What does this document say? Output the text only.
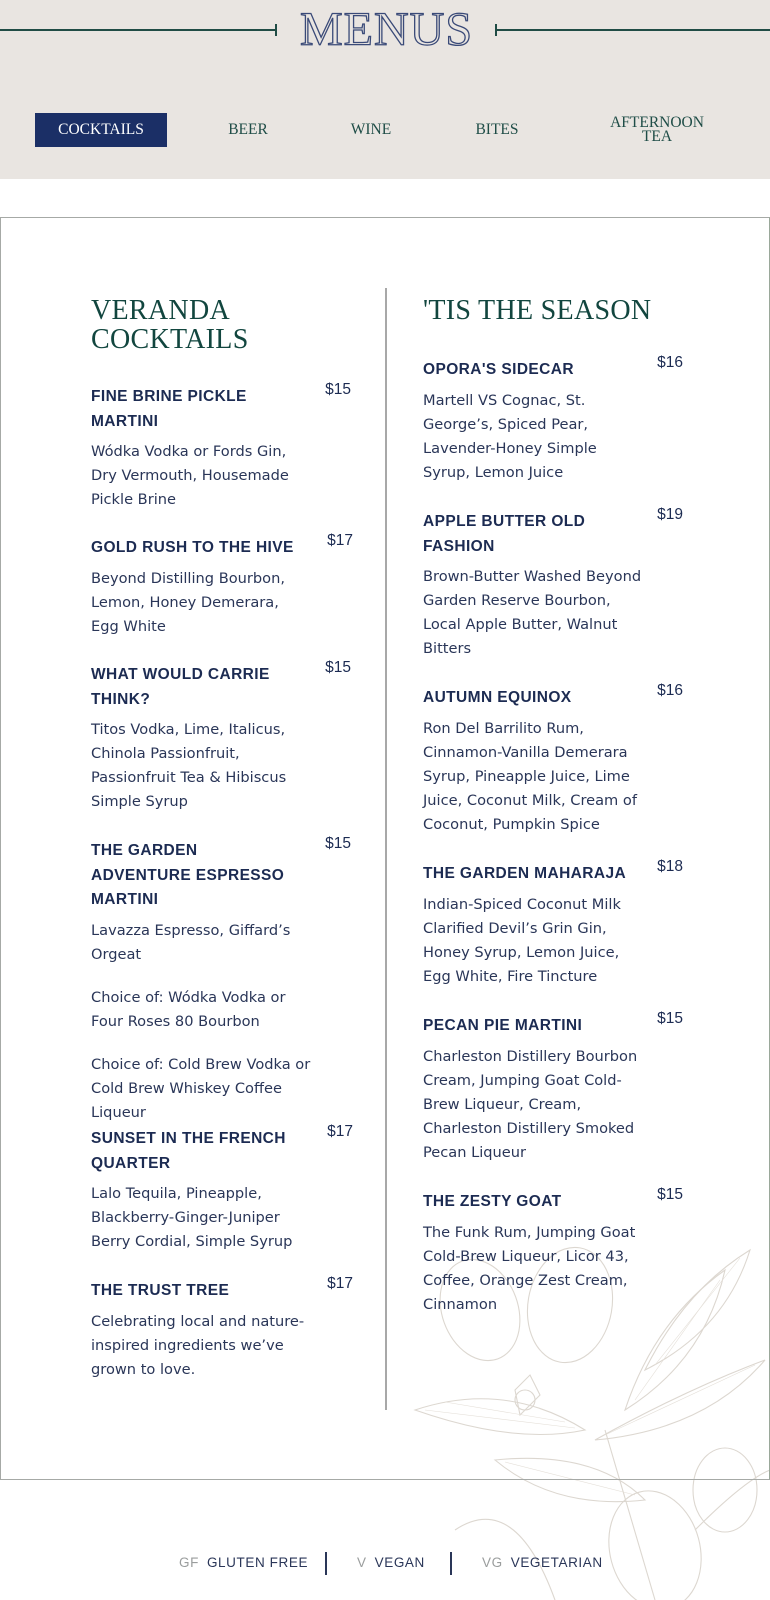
MENUS
COCKTAILS	BEER	WINE	BITES	AFTERNOON
TEA
VERANDA
COCKTAILS
FINE BRINE PICKLE MARTINI
$15
Wódka Vodka or Fords Gin, Dry Vermouth, Housemade Pickle Brine
GOLD RUSH TO THE HIVE	$17
Beyond Distilling Bourbon, Lemon, Honey Demerara, Egg White
WHAT WOULD CARRIE THINK?
$15
Titos Vodka, Lime, Italicus, Chinola Passionfruit, Passionfruit Tea & Hibiscus Simple Syrup
THE GARDEN ADVENTURE ESPRESSO MARTINI
$15
Lavazza Espresso, Giffard’s Orgeat
Choice of: Wódka Vodka or Four Roses 80 Bourbon
Choice of: Cold Brew Vodka or Cold Brew Whiskey Coffee Liqueur
SUNSET IN THE FRENCH QUARTER
$17
Lalo Tequila, Pineapple, Blackberry-Ginger-Juniper Berry Cordial, Simple Syrup
THE TRUST TREE	$17
Celebrating local and nature-inspired ingredients we’ve grown to love.
'TIS THE SEASON
OPORA'S SIDECAR	$16
Martell VS Cognac, St. George’s, Spiced Pear, Lavender-Honey Simple Syrup, Lemon Juice
APPLE BUTTER OLD FASHION
$19
Brown-Butter Washed Beyond Garden Reserve Bourbon, Local Apple Butter, Walnut Bitters
AUTUMN EQUINOX	$16
Ron Del Barrilito Rum, Cinnamon-Vanilla Demerara Syrup, Pineapple Juice, Lime Juice, Coconut Milk, Cream of Coconut, Pumpkin Spice
THE GARDEN MAHARAJA $18
Indian-Spiced Coconut Milk Clarified Devil’s Grin Gin, Honey Syrup, Lemon Juice, Egg White, Fire Tincture
PECAN PIE MARTINI	$15
Charleston Distillery Bourbon Cream, Jumping Goat Cold-Brew Liqueur, Cream, Charleston Distillery Smoked Pecan Liqueur
THE ZESTY GOAT	$15
The Funk Rum, Jumping Goat Cold-Brew Liqueur, Licor 43, Coffee, Orange Zest Cream, Cinnamon
GF GLUTEN FREE	V VEGAN	VG VEGETARIAN
